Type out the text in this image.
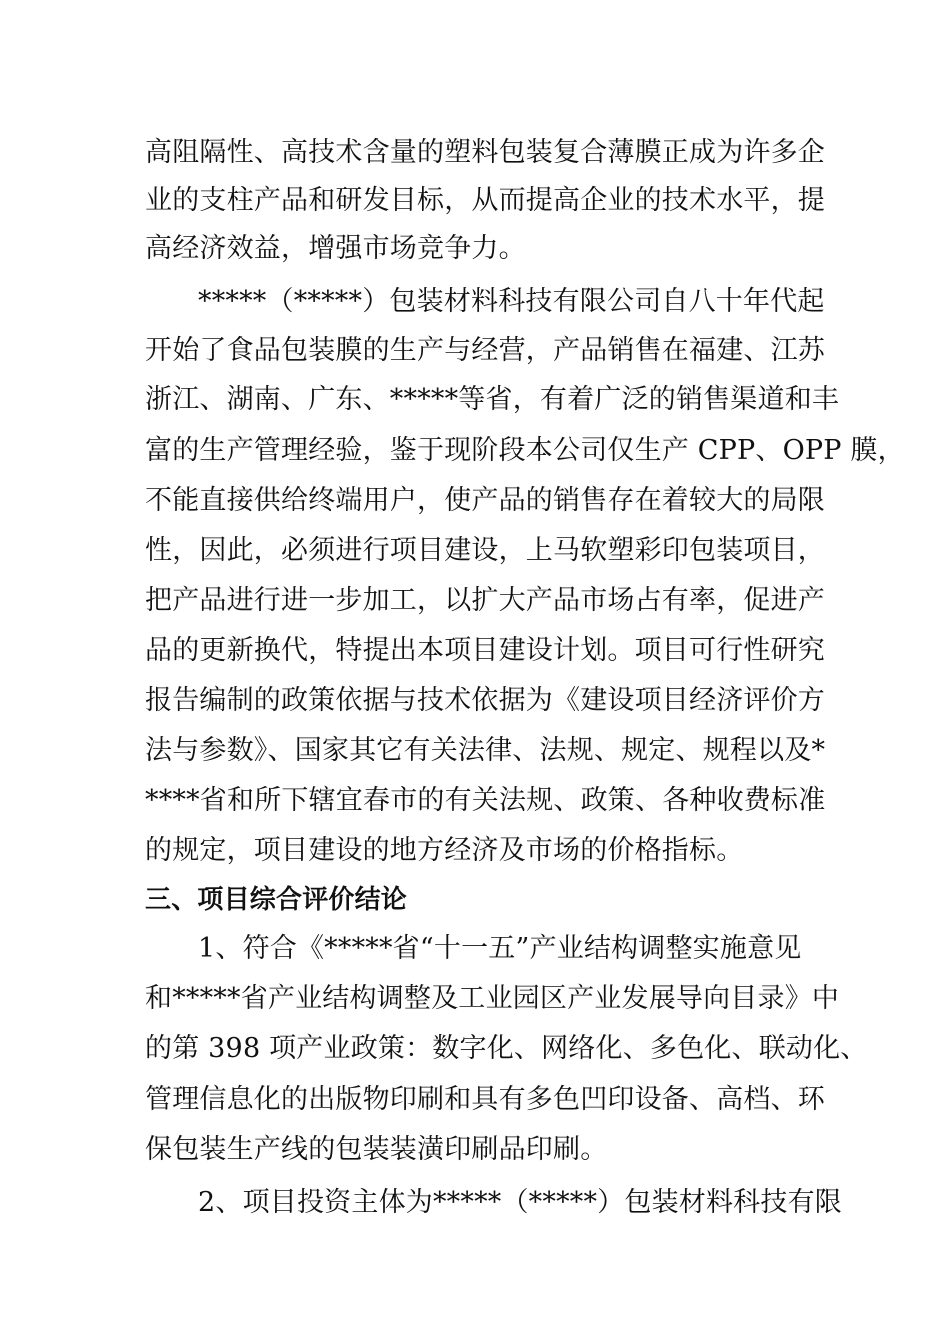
高阻隔性、高技术含量的塑料包装复合薄膜正成为许多企
业的支柱产品和研发目标，从而提高企业的技术水平，提
高经济效益，增强市场竞争力。
*****（*****）包装材料科技有限公司自八十年代起
开始了食品包装膜的生产与经营，产品销售在福建、江苏
浙江、湖南、广东、*****等省，有着广泛的销售渠道和丰
富的生产管理经验，鉴于现阶段本公司仅生产 CPP、OPP 膜，
不能直接供给终端用户，使产品的销售存在着较大的局限
性，因此，必须进行项目建设，上马软塑彩印包装项目，
把产品进行进一步加工，以扩大产品市场占有率，促进产
品的更新换代，特提出本项目建设计划。项目可行性研究
报告编制的政策依据与技术依据为《建设项目经济评价方
法与参数》、国家其它有关法律、法规、规定、规程以及*
****省和所下辖宜春市的有关法规、政策、各种收费标准
的规定，项目建设的地方经济及市场的价格指标。
三、项目综合评价结论
1、符合《*****省“十一五”产业结构调整实施意见
和*****省产业结构调整及工业园区产业发展导向目录》中
的第 398 项产业政策：数字化、网络化、多色化、联动化、
管理信息化的出版物印刷和具有多色凹印设备、高档、环
保包装生产线的包装装潢印刷品印刷。
2、项目投资主体为*****（*****）包装材料科技有限
